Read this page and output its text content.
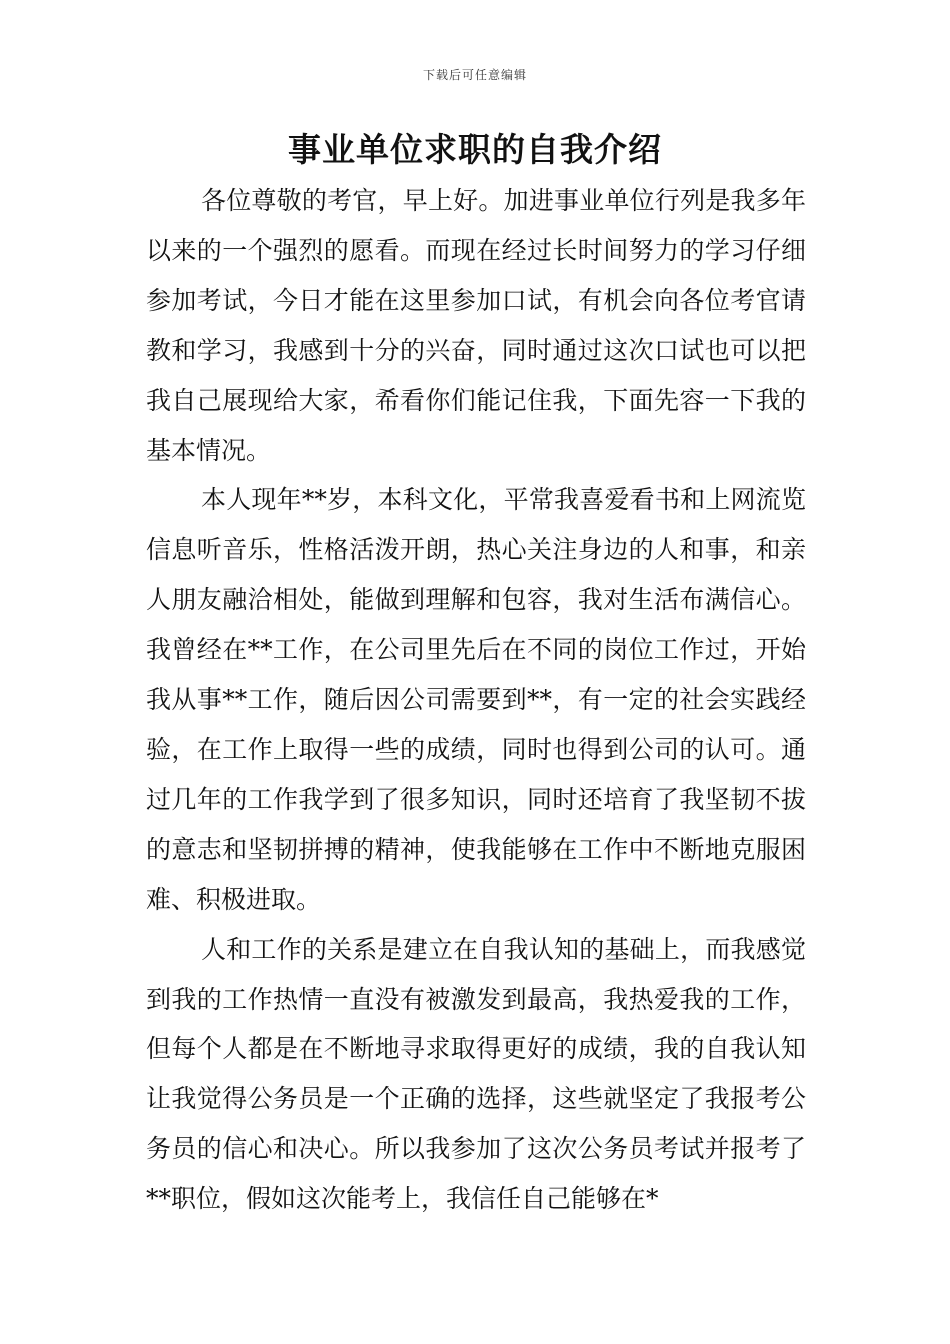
下载后可任意编辑
事业单位求职的自我介绍

各位尊敬的考官，早上好。加进事业单位行列是我多年以来的一个强烈的愿看。而现在经过长时间努力的学习仔细参加考试，今日才能在这里参加口试，有机会向各位考官请教和学习，我感到十分的兴奋，同时通过这次口试也可以把我自己展现给大家，希看你们能记住我，下面先容一下我的基本情况。

本人现年**岁，本科文化，平常我喜爱看书和上网流览信息听音乐，性格活泼开朗，热心关注身边的人和事，和亲人朋友融洽相处，能做到理解和包容，我对生活布满信心。我曾经在**工作，在公司里先后在不同的岗位工作过，开始我从事**工作，随后因公司需要到**，有一定的社会实践经验，在工作上取得一些的成绩，同时也得到公司的认可。通过几年的工作我学到了很多知识，同时还培育了我坚韧不拔的意志和坚韧拼搏的精神，使我能够在工作中不断地克服困难、积极进取。

人和工作的关系是建立在自我认知的基础上，而我感觉到我的工作热情一直没有被激发到最高，我热爱我的工作，但每个人都是在不断地寻求取得更好的成绩，我的自我认知让我觉得公务员是一个正确的选择，这些就坚定了我报考公务员的信心和决心。所以我参加了这次公务员考试并报考了**职位，假如这次能考上，我信任自己能够在*
